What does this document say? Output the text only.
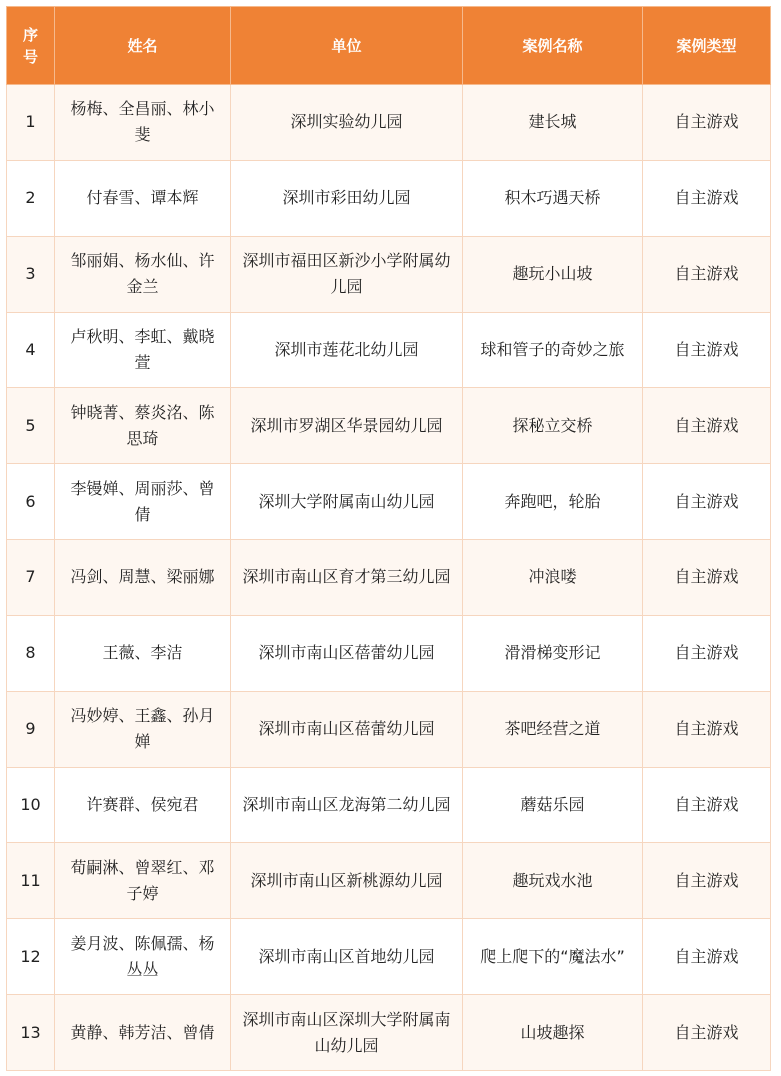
序号	姓名	单位	案例名称	案例类型
1	杨梅、全昌丽、林小斐	深圳实验幼儿园	建长城	自主游戏
2	付春雪、谭本辉	深圳市彩田幼儿园	积木巧遇天桥	自主游戏
3	邹丽娟、杨水仙、许金兰	深圳市福田区新沙小学附属幼儿园	趣玩小山坡	自主游戏
4	卢秋明、李虹、戴晓萱	深圳市莲花北幼儿园	球和管子的奇妙之旅	自主游戏
5	钟晓菁、蔡炎洺、陈思琦	深圳市罗湖区华景园幼儿园	探秘立交桥	自主游戏
6	李镘婵、周丽莎、曾倩	深圳大学附属南山幼儿园	奔跑吧，轮胎	自主游戏
7	冯剑、周慧、梁丽娜	深圳市南山区育才第三幼儿园	冲浪喽	自主游戏
8	王薇、李洁	深圳市南山区蓓蕾幼儿园	滑滑梯变形记	自主游戏
9	冯妙婷、王鑫、孙月婵	深圳市南山区蓓蕾幼儿园	茶吧经营之道	自主游戏
10	许赛群、侯宛君	深圳市南山区龙海第二幼儿园	蘑菇乐园	自主游戏
11	荀嗣淋、曾翠红、邓子婷	深圳市南山区新桃源幼儿园	趣玩戏水池	自主游戏
12	姜月波、陈佩孺、杨丛丛	深圳市南山区首地幼儿园	爬上爬下的“魔法水”	自主游戏
13	黄静、韩芳洁、曾倩	深圳市南山区深圳大学附属南山幼儿园	山坡趣探	自主游戏
